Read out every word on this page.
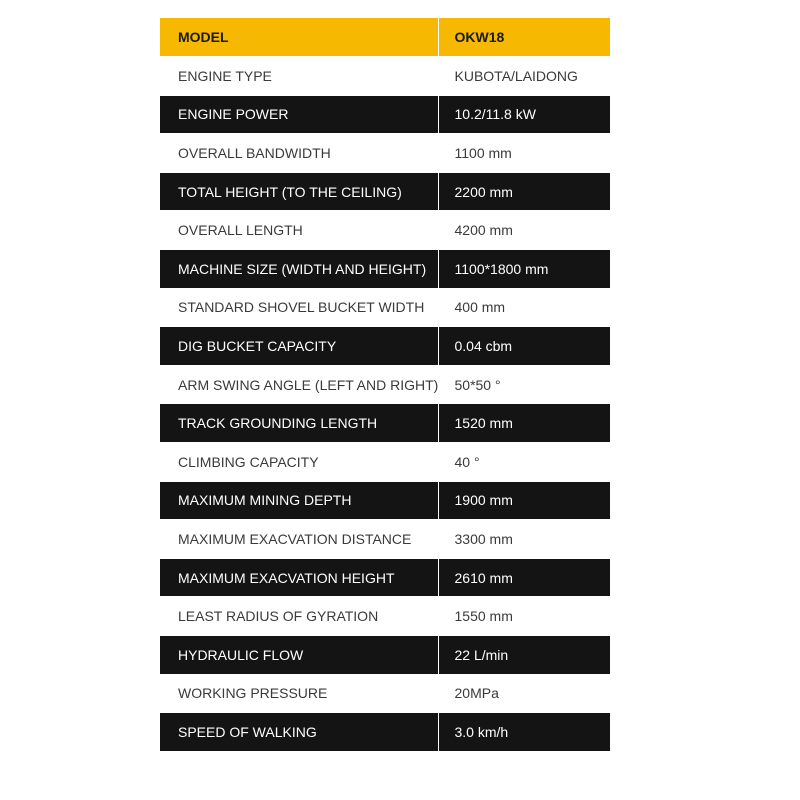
MODEL	OKW18
ENGINE TYPE	KUBOTA/LAIDONG
ENGINE POWER	10.2/11.8 kW
OVERALL BANDWIDTH	1100 mm
TOTAL HEIGHT (TO THE CEILING)	2200 mm
OVERALL LENGTH	4200 mm
MACHINE SIZE (WIDTH AND HEIGHT)	1100*1800 mm
STANDARD SHOVEL BUCKET WIDTH	400 mm
DIG BUCKET CAPACITY	0.04 cbm
ARM SWING ANGLE (LEFT AND RIGHT)	50*50 °
TRACK GROUNDING LENGTH	1520 mm
CLIMBING CAPACITY	40 °
MAXIMUM MINING DEPTH	1900 mm
MAXIMUM EXACVATION DISTANCE	3300 mm
MAXIMUM EXACVATION HEIGHT	2610 mm
LEAST RADIUS OF GYRATION	1550 mm
HYDRAULIC FLOW	22 L/min
WORKING PRESSURE	20MPa
SPEED OF WALKING	3.0 km/h
